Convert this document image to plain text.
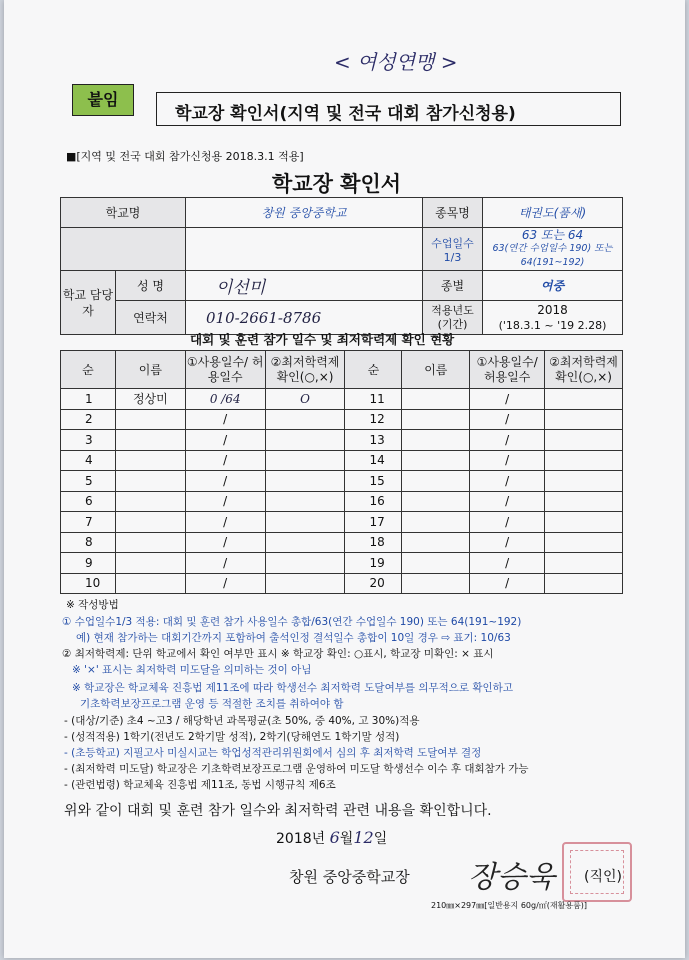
< 여성연맹 >
학교장 확인서(지역 및 전국 대회 참가신청용)
붙임
■[지역 및 전국 대회 참가신청용 2018.3.1 적용]
학교장 확인서
학교명		창원 중앙중학교	종목명	태권도(품새)
			수업일수 1/3	63 또는 64
63(연간 수업일수 190) 또는 64(191~192)

학교 담당자	성 명	이선미	종별	여중
	연락처	010-2661-8786	적용년도 (기간)	2018
('18.3.1 ~ '19 2.28)
대회 및 훈련 참가 일수 및 최저학력제 확인 현황
순	이름	①사용일수/ 허용일수	②최저학력제 확인(○,×)	순	이름	①사용일수/ 허용일수	②최저학력제 확인(○,×)
1	정상미	0 /64	O	11		/	
2		/		12		/	
3		/		13		/	
4		/		14		/	
5		/		15		/	
6		/		16		/	
7		/		17		/	
8		/		18		/	
9		/		19		/	
10		/		20		/	
※ 작성방법
① 수업일수1/3 적용: 대회 및 훈련 참가 사용일수 총합/63(연간 수업일수 190) 또는 64(191~192)
예) 현재 참가하는 대회기간까지 포함하여 출석인정 결석일수 총합이 10일 경우 ⇨ 표기: 10/63
② 최저학력제: 단위 학교에서 확인 여부만 표시 ※ 학교장 확인: ○표시, 학교장 미확인: × 표시
※ '×' 표시는 최저학력 미도달을 의미하는 것이 아님
※ 학교장은 학교체육 진흥법 제11조에 따라 학생선수 최저학력 도달여부를 의무적으로 확인하고
기초학력보장프로그램 운영 등 적절한 조치를 취하여야 함
- (대상/기준) 초4 ~고3 / 해당학년 과목평균(초 50%, 중 40%, 고 30%)적용
- (성적적용) 1학기(전년도 2학기말 성적), 2학기(당해연도 1학기말 성적)
- (초등학교) 지필고사 미실시교는 학업성적관리위원회에서 심의 후 최저학력 도달여부 결정
- (최저학력 미도달) 학교장은 기초학력보장프로그램 운영하여 미도달 학생선수 이수 후 대회참가 가능
- (관련법령) 학교체육 진흥법 제11조, 동법 시행규칙 제6조
위와 같이 대회 및 훈련 참가 일수와 최저학력 관련 내용을 확인합니다.
2018년 6월12일
창원 중앙중학교장 장승욱 (직인)
210㎜×297㎜[일반용지 60g/㎡(재활용품)]
